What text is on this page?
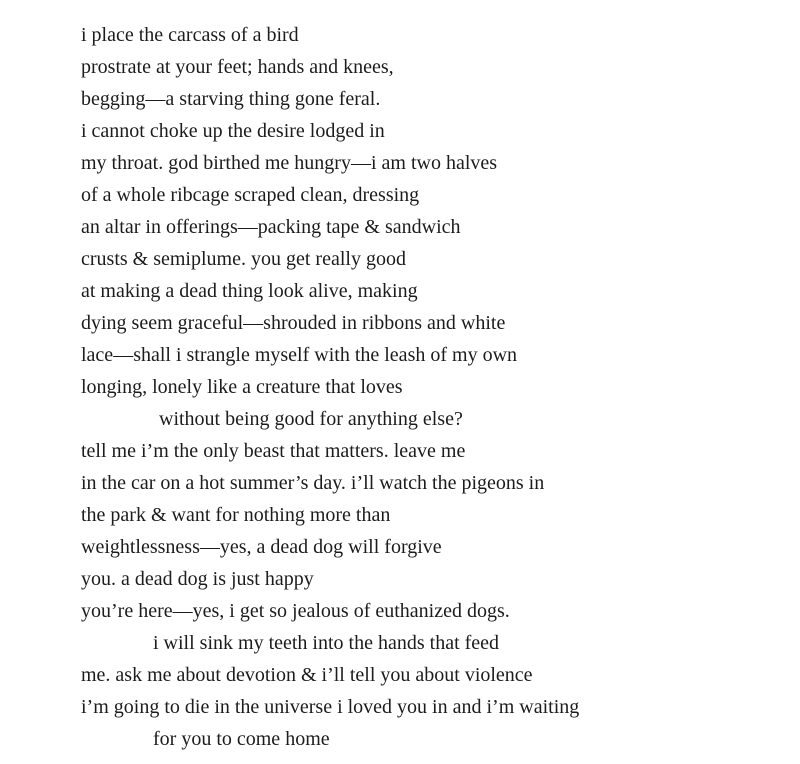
i place the carcass of a bird
prostrate at your feet; hands and knees,
begging—a starving thing gone feral.
i cannot choke up the desire lodged in
my throat. god birthed me hungry—i am two halves
of a whole ribcage scraped clean, dressing
an altar in offerings—packing tape & sandwich
crusts & semiplume. you get really good
at making a dead thing look alive, making
dying seem graceful—shrouded in ribbons and white
lace—shall i strangle myself with the leash of my own
longing, lonely like a creature that loves
without being good for anything else?
tell me i’m the only beast that matters. leave me
in the car on a hot summer’s day. i’ll watch the pigeons in
the park & want for nothing more than
weightlessness—yes, a dead dog will forgive
you. a dead dog is just happy
you’re here—yes, i get so jealous of euthanized dogs.
i will sink my teeth into the hands that feed
me. ask me about devotion & i’ll tell you about violence
i’m going to die in the universe i loved you in and i’m waiting
for you to come home
